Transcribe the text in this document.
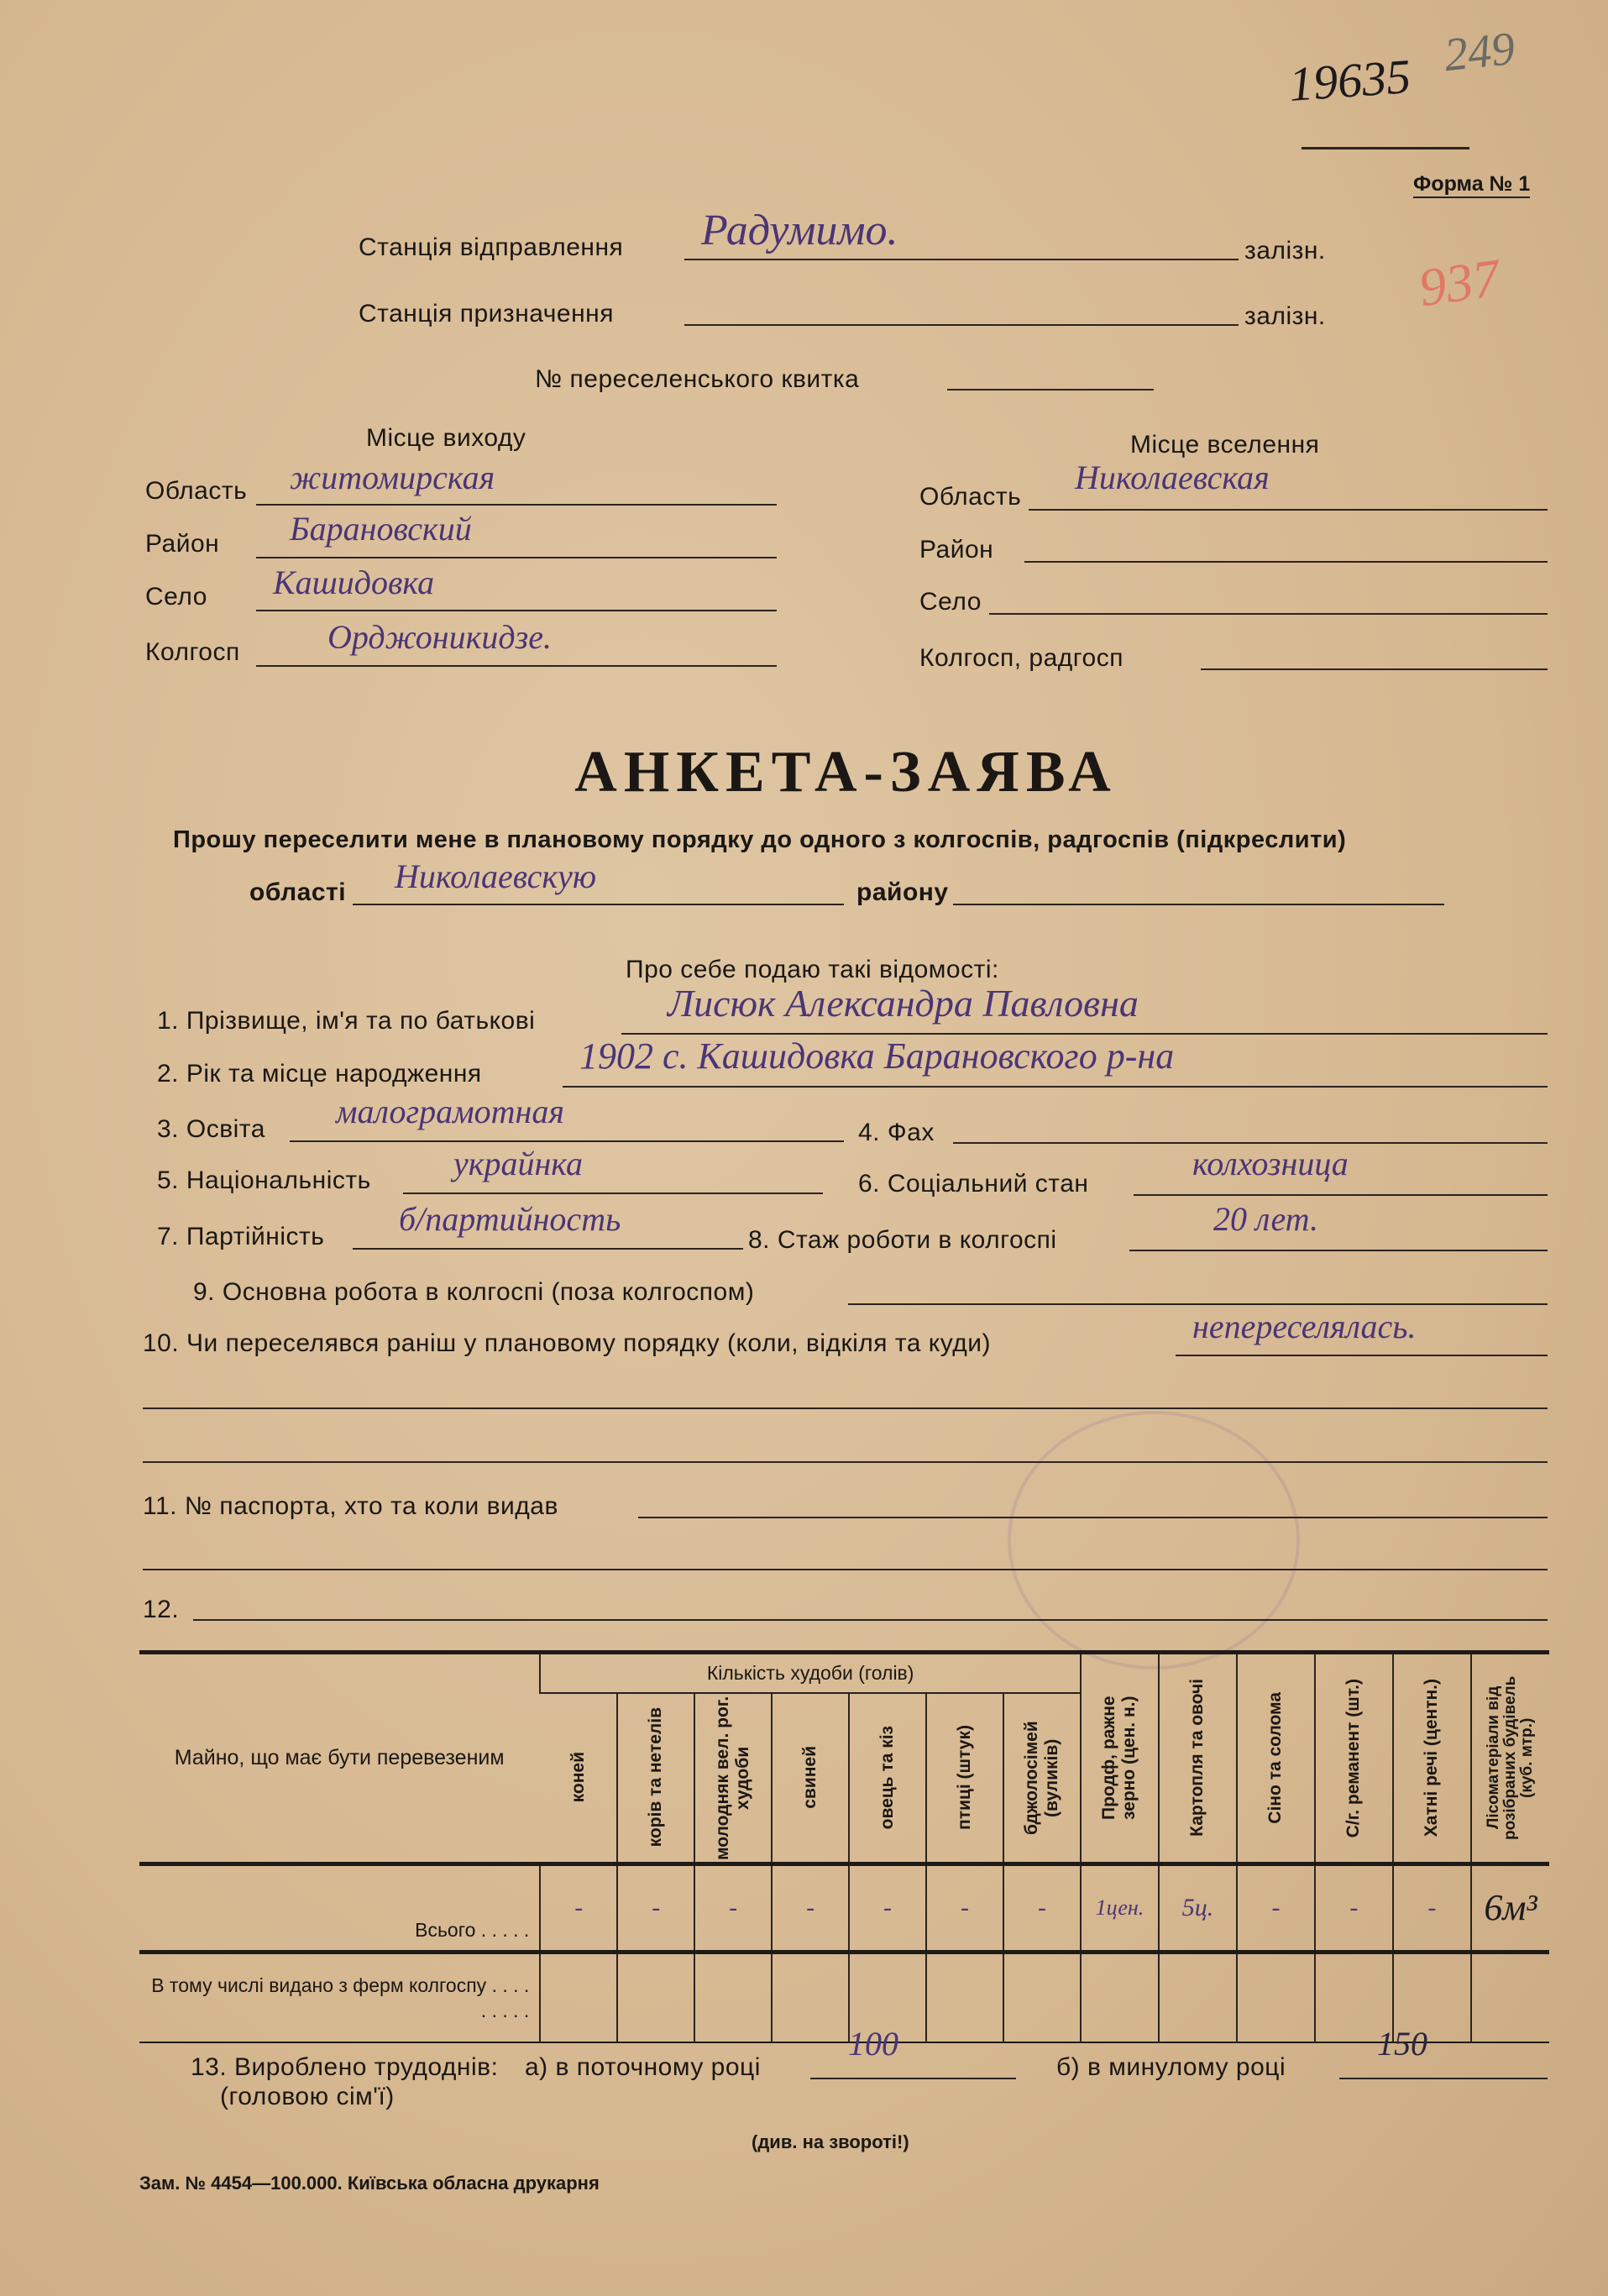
19635 249
937
Форма № 1
Станція відправлення Радумимо.	залізн.
Станція призначення	залізн.
№ переселенського квитка
Місце виходу	Місце вселення
Область житомирская
Район Барановский
Село Кашидовка
Колгосп	Орджоникидзе.
Область
Николаевская
Район
Село
Колгосп, радгосп
АНКЕТА-ЗАЯВА
Прошу переселити мене в плановому порядку до одного з колгоспів, радгоспів (підкреслити)
області Николаевскую	району
Про себе подаю такі відомості:
1. Прізвище, ім'я та по батькові	Лисюк Александра Павловна
2. Рік та місце народження	1902 с. Кашидовка Барановского р-на
3. Освіта малограмотная
4. Фах
5. Національність украйнка
6. Соціальний стан
колхозница
7. Партійність б/партийность
8. Стаж роботи в колгоспі
20 лет.
9. Основна робота в колгоспі (поза колгоспом)
10. Чи переселявся раніш у плановому порядку (коли, відкіля та куди)	непереселялась.
11. № паспорта, хто та коли видав
12.
Майно, що має бути перевезеним	Кількість худоби (голів)							Продф, ражне зерно (цен. н.)	Картопля та овочі	Сіно та солома	С/г. реманент (шт.)	Хатні речі (центн.)	Лісоматеріали від розібраних будівель (куб. мтр.)

	коней	корів та нетелів	молодняк вел. рог. худоби	свиней	овець та кіз	птиці (штук)	бджолосімей (вуликів)						

Всього . . . . .	-	-	-	-	-	-	-	1цен.	5ц.	-	-	-	6м³
В тому числі видано з ферм колгоспу . . . . . . . . .													
13. Вироблено трудоднів:
(головою сім'ї)
а) в поточному році
100
б) в минулому році
150
(див. на звороті!)
Зам. № 4454—100.000. Київська обласна друкарня
